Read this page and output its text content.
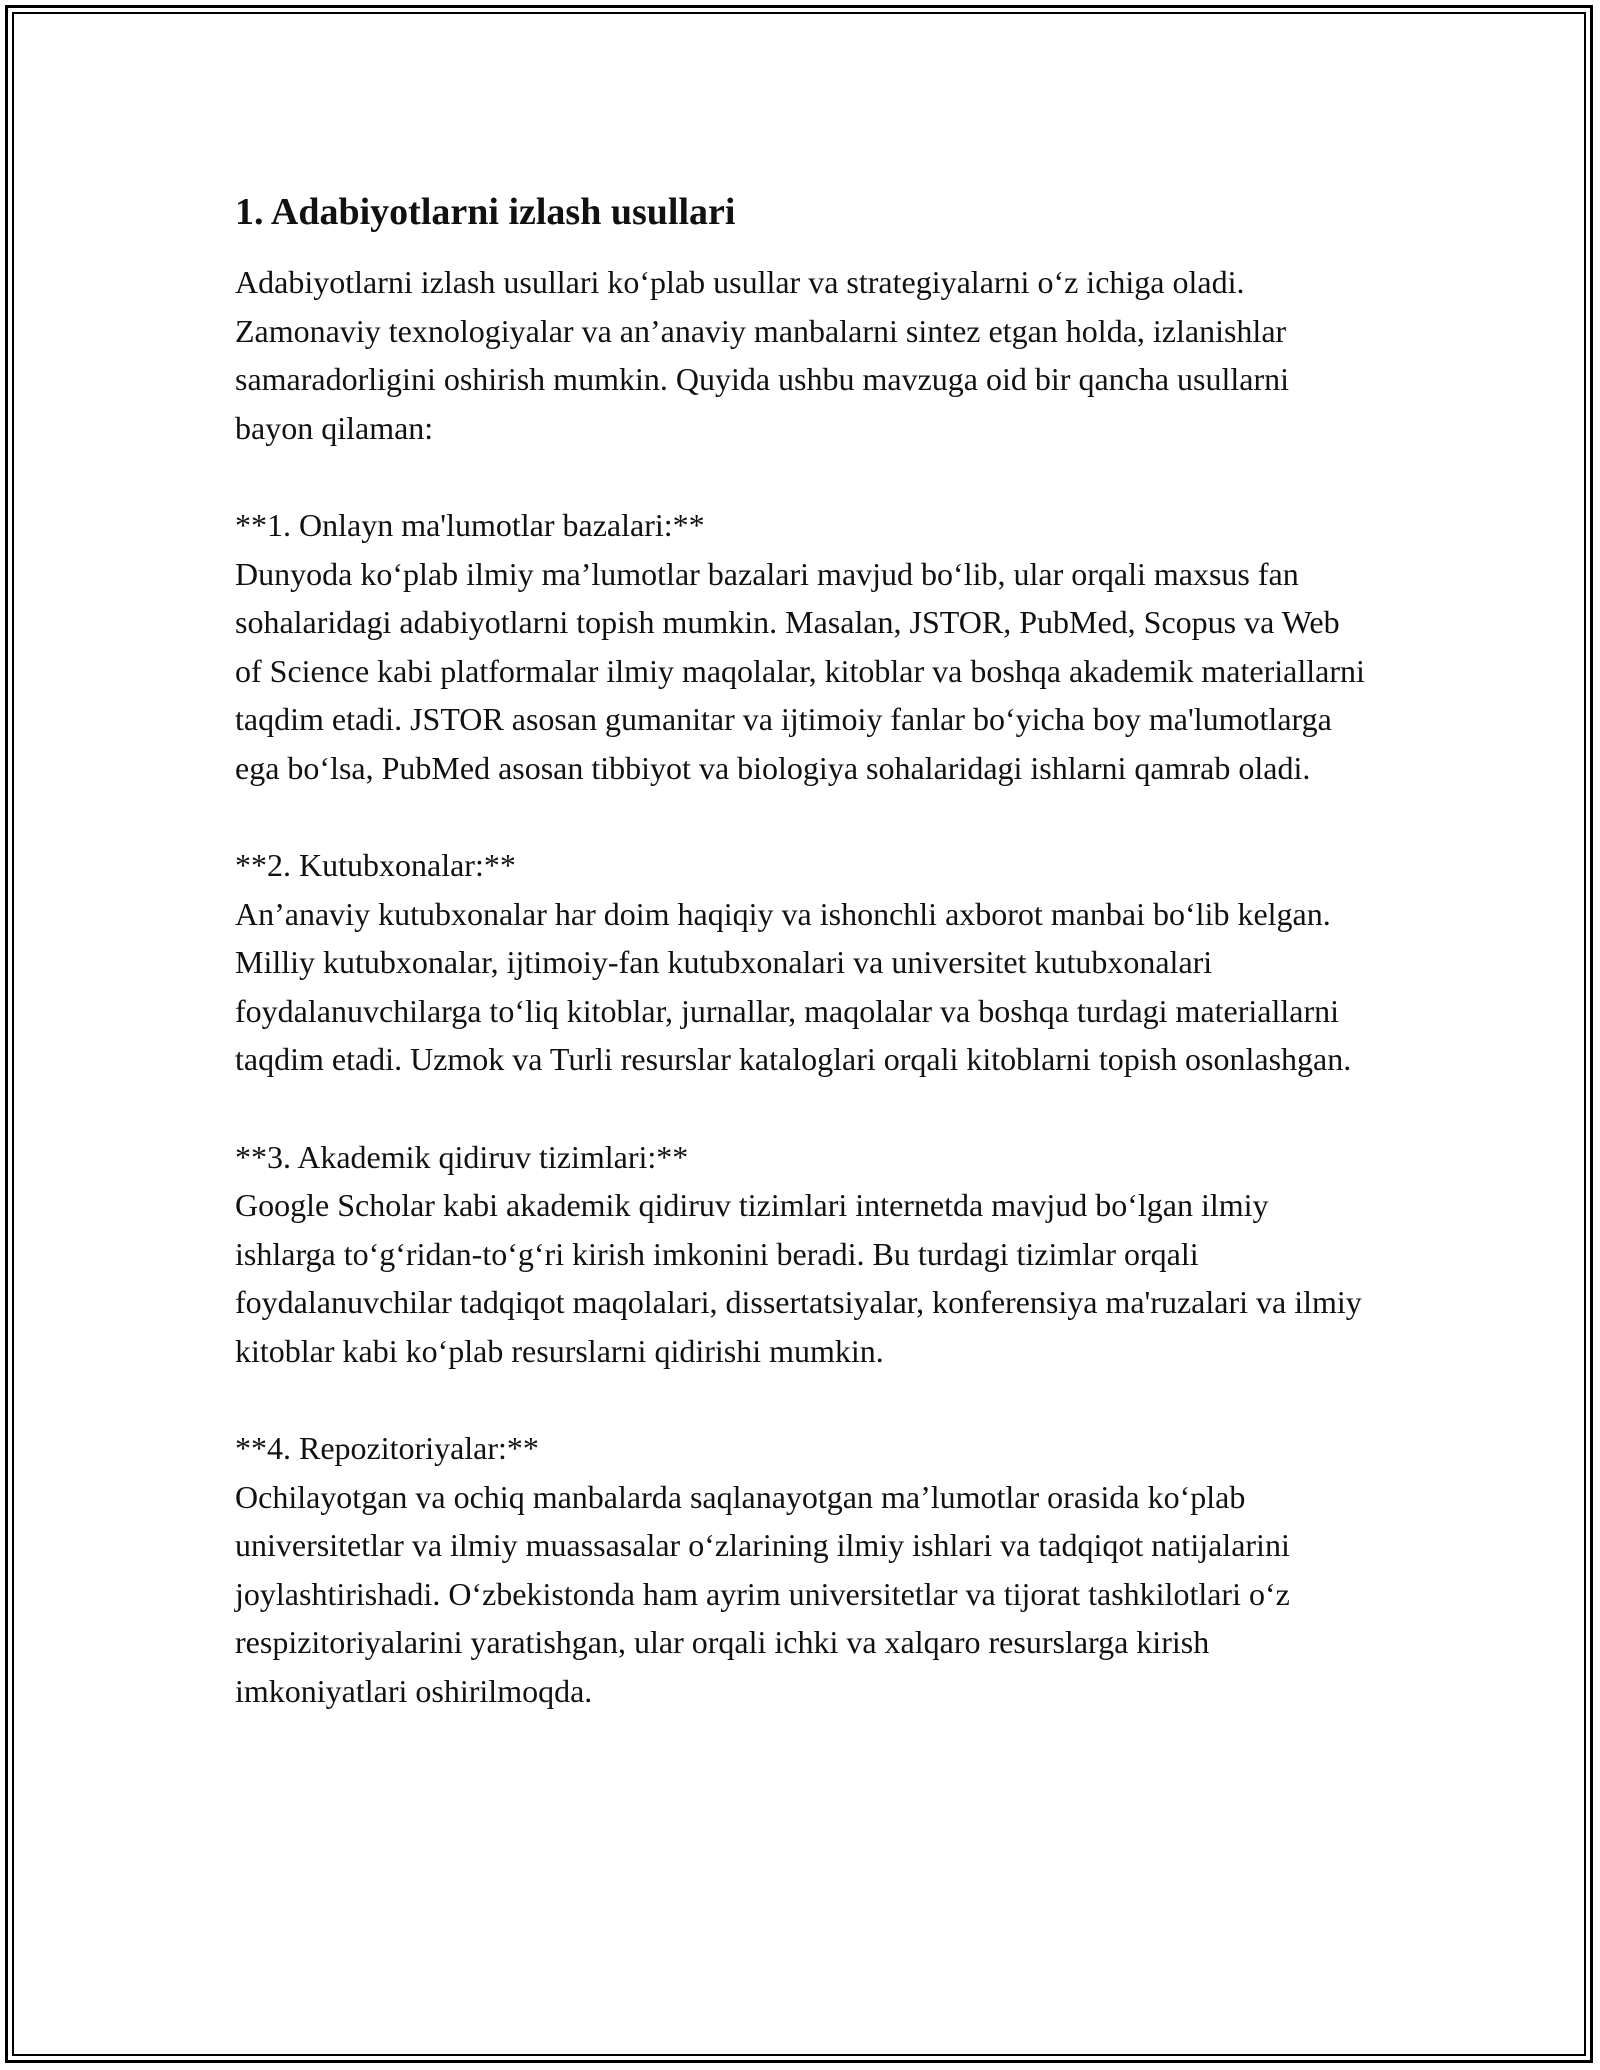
1. Adabiyotlarni izlash usullari

Adabiyotlarni izlash usullari koʻplab usullar va strategiyalarni oʻz ichiga oladi. Zamonaviy texnologiyalar va anʼanaviy manbalarni sintez etgan holda, izlanishlar samaradorligini oshirish mumkin. Quyida ushbu mavzuga oid bir qancha usullarni bayon qilaman:

**1. Onlayn ma'lumotlar bazalari:**

Dunyoda koʻplab ilmiy maʼlumotlar bazalari mavjud boʻlib, ular orqali maxsus fan sohalaridagi adabiyotlarni topish mumkin. Masalan, JSTOR, PubMed, Scopus va Web of Science kabi platformalar ilmiy maqolalar, kitoblar va boshqa akademik materiallarni taqdim etadi. JSTOR asosan gumanitar va ijtimoiy fanlar boʻyicha boy ma'lumotlarga ega boʻlsa, PubMed asosan tibbiyot va biologiya sohalaridagi ishlarni qamrab oladi.

**2. Kutubxonalar:**

Anʼanaviy kutubxonalar har doim haqiqiy va ishonchli axborot manbai boʻlib kelgan. Milliy kutubxonalar, ijtimoiy-fan kutubxonalari va universitet kutubxonalari foydalanuvchilarga toʻliq kitoblar, jurnallar, maqolalar va boshqa turdagi materiallarni taqdim etadi. Uzmok va Turli resurslar kataloglari orqali kitoblarni topish osonlashgan.

**3. Akademik qidiruv tizimlari:**

Google Scholar kabi akademik qidiruv tizimlari internetda mavjud boʻlgan ilmiy ishlarga toʻgʻridan-toʻgʻri kirish imkonini beradi. Bu turdagi tizimlar orqali foydalanuvchilar tadqiqot maqolalari, dissertatsiyalar, konferensiya ma'ruzalari va ilmiy kitoblar kabi koʻplab resurslarni qidirishi mumkin.

**4. Repozitoriyalar:**

Ochilayotgan va ochiq manbalarda saqlanayotgan maʼlumotlar orasida koʻplab universitetlar va ilmiy muassasalar oʻzlarining ilmiy ishlari va tadqiqot natijalarini joylashtirishadi. Oʻzbekistonda ham ayrim universitetlar va tijorat tashkilotlari oʻz respizitoriyalarini yaratishgan, ular orqali ichki va xalqaro resurslarga kirish imkoniyatlari oshirilmoqda.
